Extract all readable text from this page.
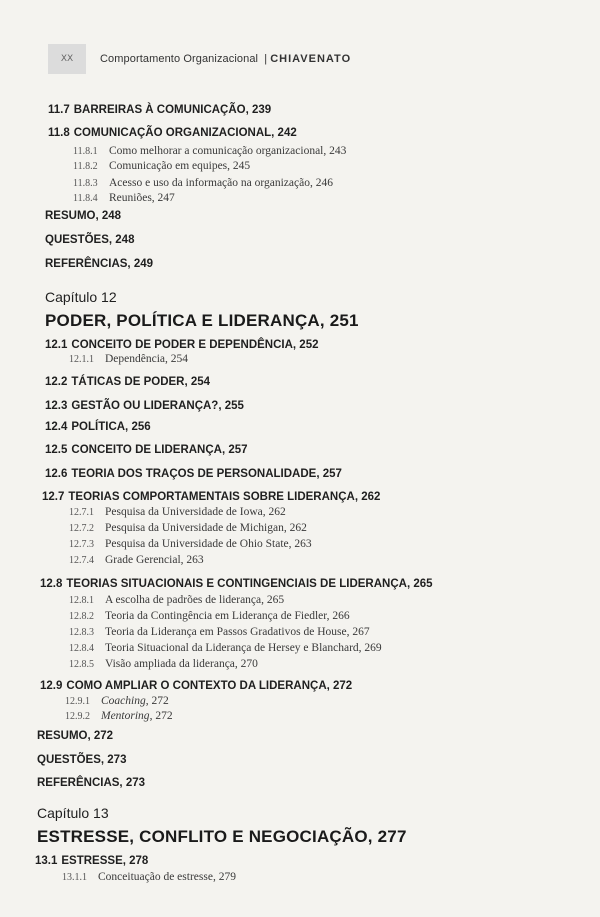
XX	Comportamento Organizacional | CHIAVENATO
11.7 BARREIRAS À COMUNICAÇÃO, 239
11.8 COMUNICAÇÃO ORGANIZACIONAL, 242
11.8.1 Como melhorar a comunicação organizacional, 243
11.8.2 Comunicação em equipes, 245
11.8.3 Acesso e uso da informação na organização, 246
11.8.4 Reuniões, 247
RESUMO, 248
QUESTÕES, 248
REFERÊNCIAS, 249
Capítulo 12
PODER, POLÍTICA E LIDERANÇA, 251
12.1 CONCEITO DE PODER E DEPENDÊNCIA, 252
12.1.1 Dependência, 254
12.2 TÁTICAS DE PODER, 254
12.3 GESTÃO OU LIDERANÇA?, 255
12.4 POLÍTICA, 256
12.5 CONCEITO DE LIDERANÇA, 257
12.6 TEORIA DOS TRAÇOS DE PERSONALIDADE, 257
12.7 TEORIAS COMPORTAMENTAIS SOBRE LIDERANÇA, 262
12.7.1 Pesquisa da Universidade de Iowa, 262
12.7.2 Pesquisa da Universidade de Michigan, 262
12.7.3 Pesquisa da Universidade de Ohio State, 263
12.7.4 Grade Gerencial, 263
12.8 TEORIAS SITUACIONAIS E CONTINGENCIAIS DE LIDERANÇA, 265
12.8.1 A escolha de padrões de liderança, 265
12.8.2 Teoria da Contingência em Liderança de Fiedler, 266
12.8.3 Teoria da Liderança em Passos Gradativos de House, 267
12.8.4 Teoria Situacional da Liderança de Hersey e Blanchard, 269
12.8.5 Visão ampliada da liderança, 270
12.9 COMO AMPLIAR O CONTEXTO DA LIDERANÇA, 272
12.9.1 Coaching, 272
12.9.2 Mentoring, 272
RESUMO, 272
QUESTÕES, 273
REFERÊNCIAS, 273
Capítulo 13
ESTRESSE, CONFLITO E NEGOCIAÇÃO, 277
13.1 ESTRESSE, 278
13.1.1 Conceituação de estresse, 279
